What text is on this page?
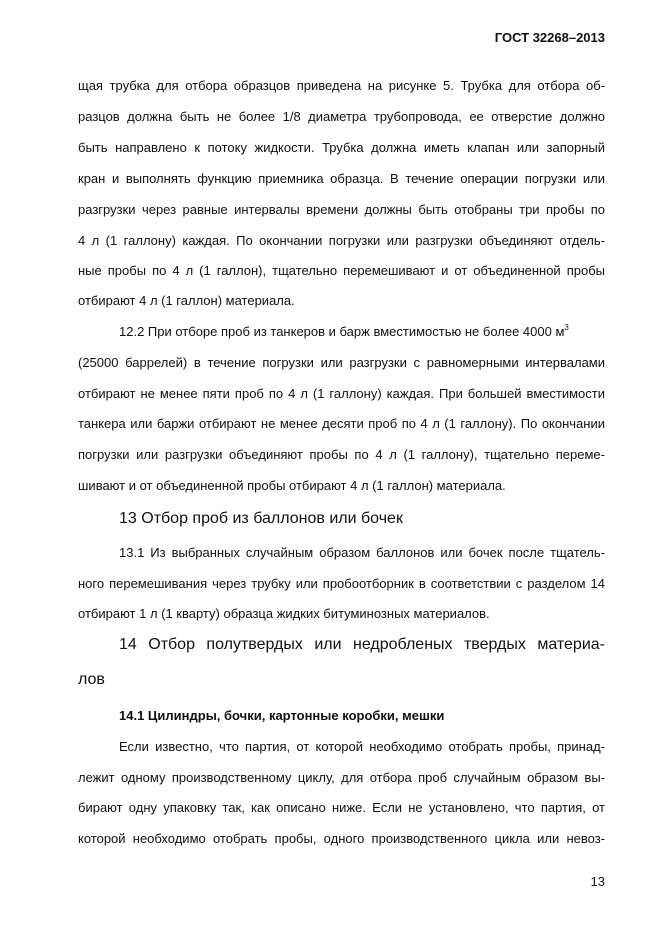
ГОСТ 32268–2013

щая трубка для отбора образцов приведена на рисунке 5. Трубка для отбора об-

разцов должна быть не более 1/8 диаметра трубопровода, ее отверстие должно

быть направлено к потоку жидкости. Трубка должна иметь клапан или запорный

кран и выполнять функцию приемника образца. В течение операции погрузки или

разгрузки через равные интервалы времени должны быть отобраны три пробы по

4 л (1 галлону) каждая. По окончании погрузки или разгрузки объединяют отдель-

ные пробы по 4 л (1 галлон), тщательно перемешивают и от объединенной пробы

отбирают 4 л (1 галлон) материала.

12.2 При отборе проб из танкеров и барж вместимостью не более 4000 $м^3$

(25000 баррелей) в течение погрузки или разгрузки с равномерными интервалами

отбирают не менее пяти проб по 4 л (1 галлону) каждая. При большей вместимости

танкера или баржи отбирают не менее десяти проб по 4 л (1 галлону). По окончании

погрузки или разгрузки объединяют пробы по 4 л (1 галлону), тщательно переме-

шивают и от объединенной пробы отбирают 4 л (1 галлон) материала.

13 Отбор проб из баллонов или бочек

13.1 Из выбранных случайным образом баллонов или бочек после тщатель-

ного перемешивания через трубку или пробоотборник в соответствии с разделом 14

отбирают 1 л (1 кварту) образца жидких битуминозных материалов.

14 Отбор полутвердых или недробленых твердых материа-
лов
14.1 Цилиндры, бочки, картонные коробки, мешки

Если известно, что партия, от которой необходимо отобрать пробы, принад-

лежит одному производственному циклу, для отбора проб случайным образом вы-

бирают одну упаковку так, как описано ниже. Если не установлено, что партия, от

которой необходимо отобрать пробы, одного производственного цикла или невоз-

13
